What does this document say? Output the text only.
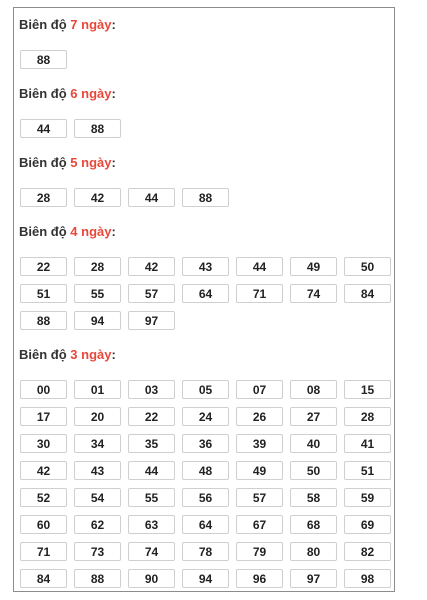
Biên độ 7 ngày:
88
Biên độ 6 ngày:
44	88
Biên độ 5 ngày:
28	42	44	88
Biên độ 4 ngày:
22	28	42	43	44	49	50
51	55	57	64	71	74	84
88	94	97
Biên độ 3 ngày:
00	01	03	05	07	08	15
17	20	22	24	26	27	28
30	34	35	36	39	40	41
42	43	44	48	49	50	51
52	54	55	56	57	58	59
60	62	63	64	67	68	69
71	73	74	78	79	80	82
84	88	90	94	96	97	98
